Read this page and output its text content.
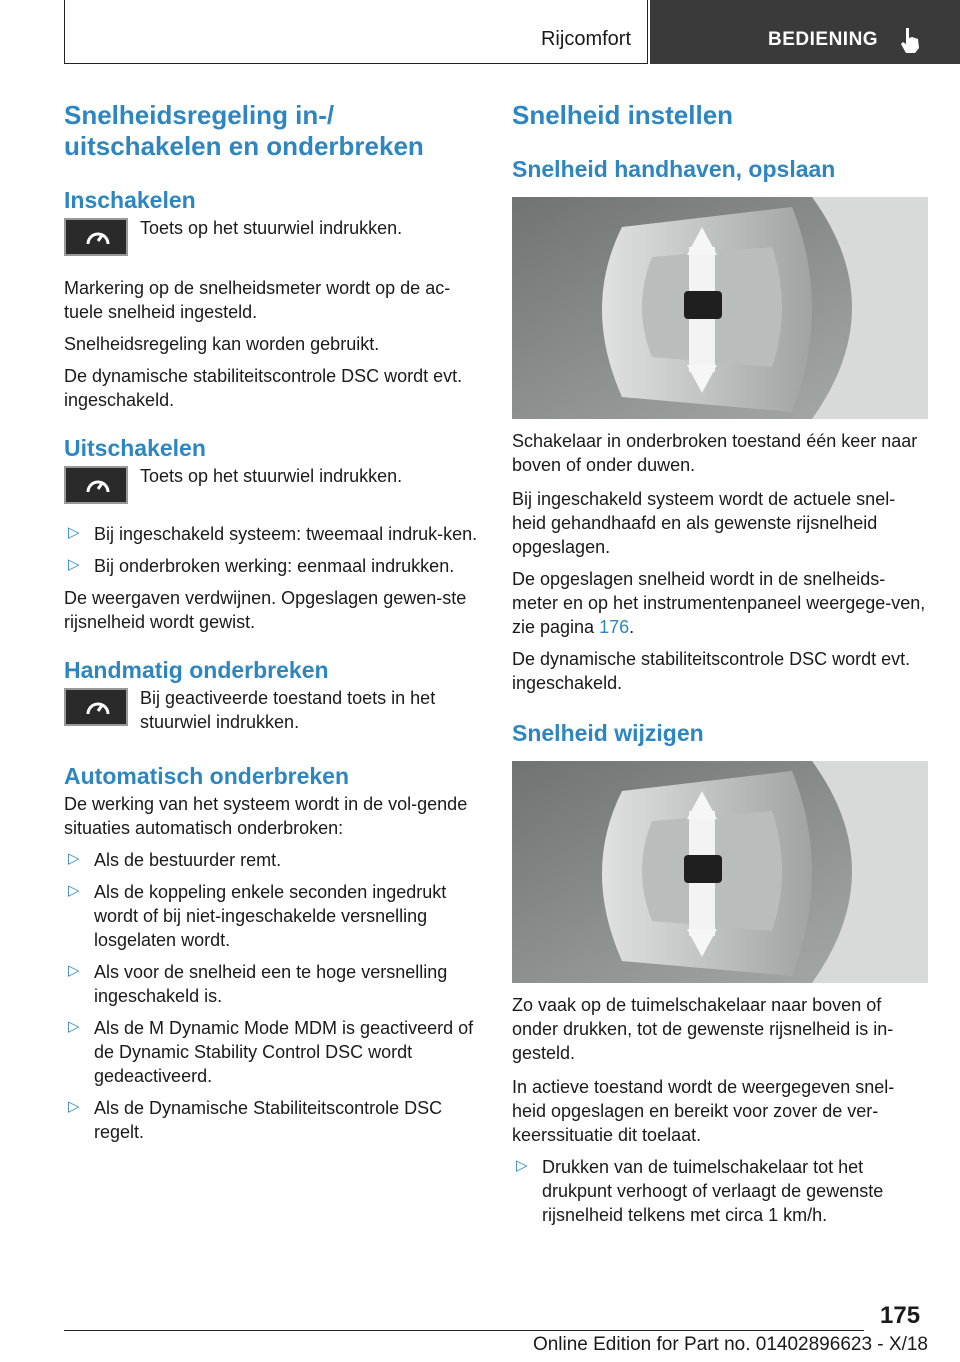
Rijcomfort	BEDIENING
Snelheidsregeling in-/ uitschakelen en onderbreken
Inschakelen

Toets op het stuurwiel indrukken.

Markering op de snelheidsmeter wordt op de ac-tuele snelheid ingesteld.

Snelheidsregeling kan worden gebruikt.

De dynamische stabiliteitscontrole DSC wordt evt. ingeschakeld.

Uitschakelen

Toets op het stuurwiel indrukken.

▷ Bij ingeschakeld systeem: tweemaal indruk-ken.

▷ Bij onderbroken werking: eenmaal indrukken.

De weergaven verdwijnen. Opgeslagen gewen-ste rijsnelheid wordt gewist.

Handmatig onderbreken

Bij geactiveerde toestand toets in het stuurwiel indrukken.

Automatisch onderbreken

De werking van het systeem wordt in de vol-gende situaties automatisch onderbroken:

▷ Als de bestuurder remt.

▷ Als de koppeling enkele seconden ingedrukt wordt of bij niet-ingeschakelde versnelling losgelaten wordt.

▷ Als voor de snelheid een te hoge versnelling ingeschakeld is.

▷ Als de M Dynamic Mode MDM is geactiveerd of de Dynamic Stability Control DSC wordt gedeactiveerd.

▷ Als de Dynamische Stabiliteitscontrole DSC regelt.

Snelheid instellen
Snelheid handhaven, opslaan

Schakelaar in onderbroken toestand één keer naar boven of onder duwen.

Bij ingeschakeld systeem wordt de actuele snel-heid gehandhaafd en als gewenste rijsnelheid opgeslagen.

De opgeslagen snelheid wordt in de snelheids-meter en op het instrumentenpaneel weergege-ven, zie pagina 176.

De dynamische stabiliteitscontrole DSC wordt evt. ingeschakeld.

Snelheid wijzigen

Zo vaak op de tuimelschakelaar naar boven of onder drukken, tot de gewenste rijsnelheid is in-gesteld.

In actieve toestand wordt de weergegeven snel-heid opgeslagen en bereikt voor zover de ver-keerssituatie dit toelaat.

▷ Drukken van de tuimelschakelaar tot het drukpunt verhoogt of verlaagt de gewenste rijsnelheid telkens met circa 1 km/h.

175
Online Edition for Part no. 01402896623 - X/18
